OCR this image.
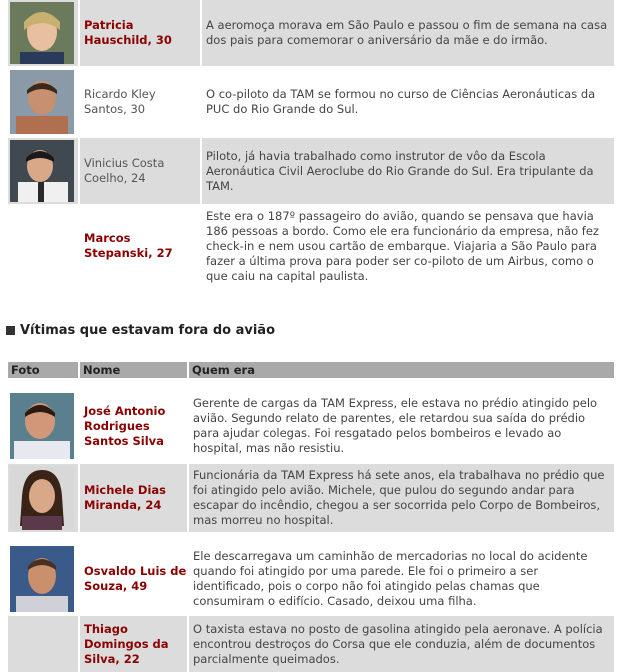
Patricia Hauschild, 30
A aeromoça morava em São Paulo e passou o fim de semana na casa dos pais para comemorar o aniversário da mãe e do irmão.
Ricardo Kley Santos, 30
O co-piloto da TAM se formou no curso de Ciências Aeronáuticas da PUC do Rio Grande do Sul.
Vinicius Costa Coelho, 24
Piloto, já havia trabalhado como instrutor de vôo da Escola Aeronáutica Civil Aeroclube do Rio Grande do Sul. Era tripulante da TAM.
Marcos Stepanski, 27
Este era o 187º passageiro do avião, quando se pensava que havia 186 pessoas a bordo. Como ele era funcionário da empresa, não fez check-in e nem usou cartão de embarque. Viajaria a São Paulo para fazer a última prova para poder ser co-piloto de um Airbus, como o que caiu na capital paulista.
Vítimas que estavam fora do avião
Foto	Nome	Quem era
José Antonio Rodrigues Santos Silva
Gerente de cargas da TAM Express, ele estava no prédio atingido pelo avião. Segundo relato de parentes, ele retardou sua saída do prédio para ajudar colegas. Foi resgatado pelos bombeiros e levado ao hospital, mas não resistiu.
Michele Dias Miranda, 24
Funcionária da TAM Express há sete anos, ela trabalhava no prédio que foi atingido pelo avião. Michele, que pulou do segundo andar para escapar do incêndio, chegou a ser socorrida pelo Corpo de Bombeiros, mas morreu no hospital.
Osvaldo Luis de Souza, 49
Ele descarregava um caminhão de mercadorias no local do acidente quando foi atingido por uma parede. Ele foi o primeiro a ser identificado, pois o corpo não foi atingido pelas chamas que consumiram o edifício. Casado, deixou uma filha.
Thiago Domingos da Silva, 22
O taxista estava no posto de gasolina atingido pela aeronave. A polícia encontrou destroços do Corsa que ele conduzia, além de documentos parcialmente queimados.
